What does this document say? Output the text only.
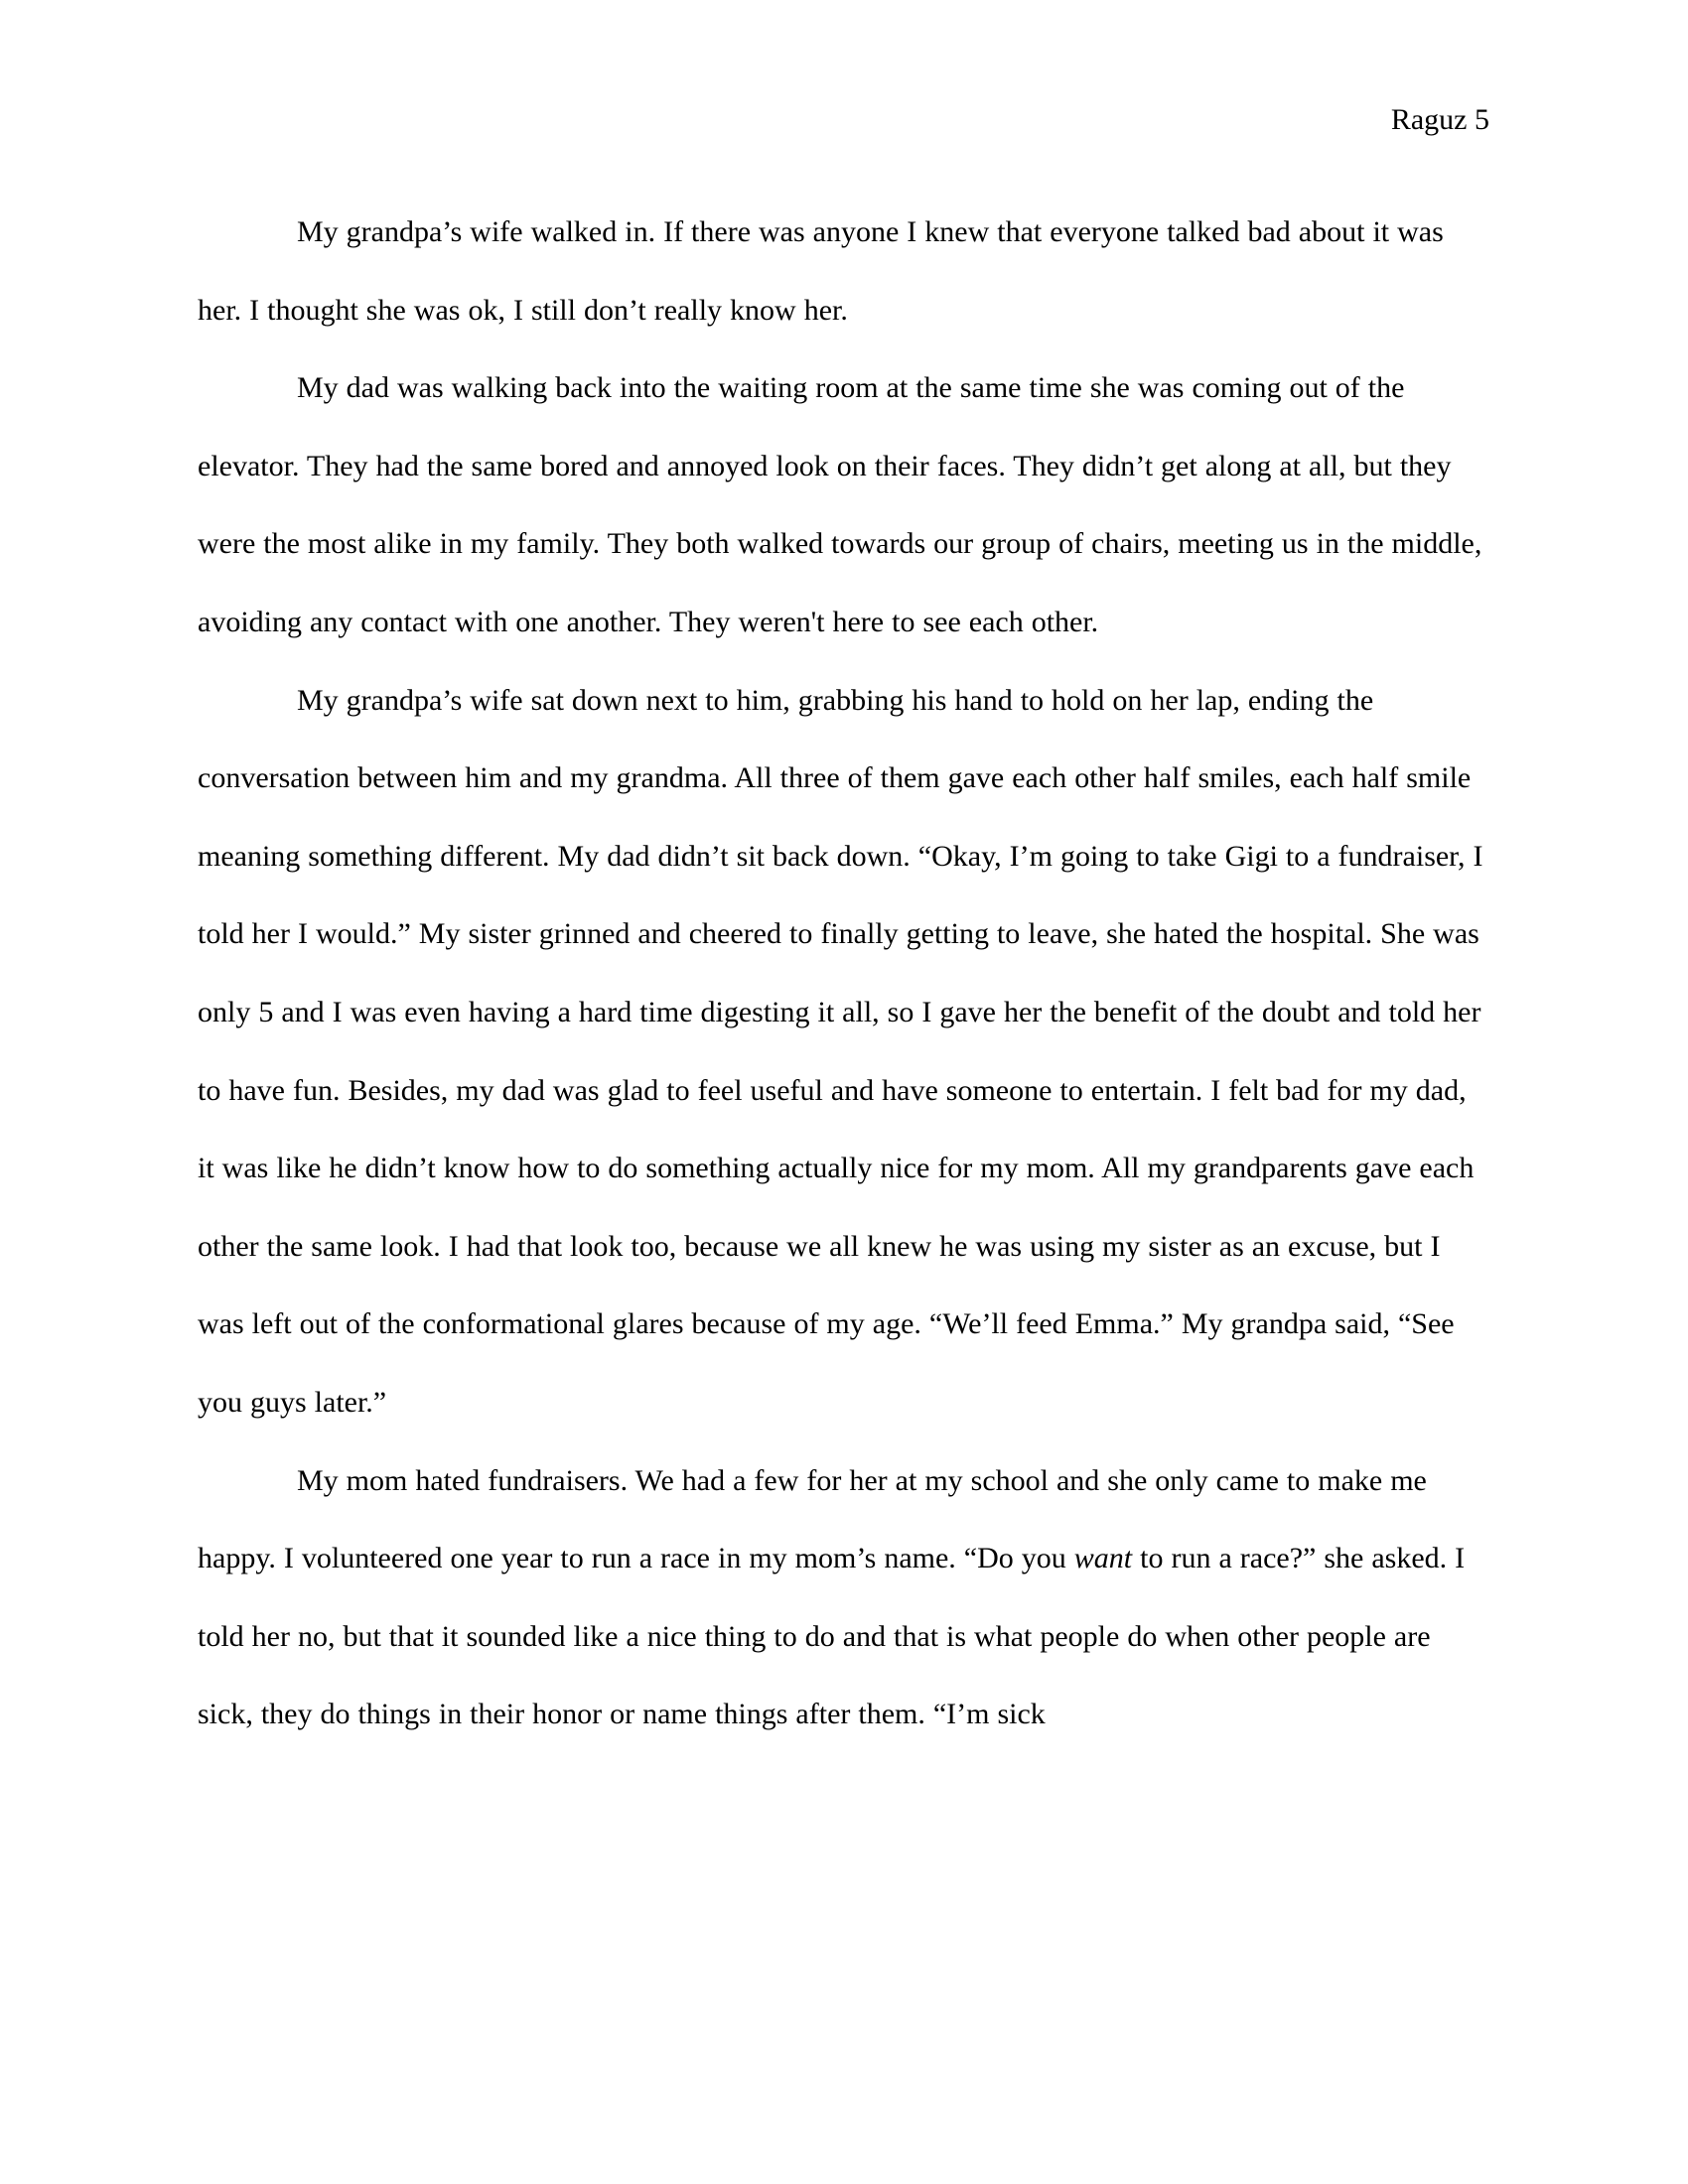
Raguz 5

My grandpa’s wife walked in. If there was anyone I knew that everyone talked bad about it was her. I thought she was ok, I still don’t really know her.

My dad was walking back into the waiting room at the same time she was coming out of the elevator. They had the same bored and annoyed look on their faces. They didn’t get along at all, but they were the most alike in my family. They both walked towards our group of chairs, meeting us in the middle, avoiding any contact with one another. They weren't here to see each other.

My grandpa’s wife sat down next to him, grabbing his hand to hold on her lap, ending the conversation between him and my grandma. All three of them gave each other half smiles, each half smile meaning something different. My dad didn’t sit back down. “Okay, I’m going to take Gigi to a fundraiser, I told her I would.” My sister grinned and cheered to finally getting to leave, she hated the hospital. She was only 5 and I was even having a hard time digesting it all, so I gave her the benefit of the doubt and told her to have fun. Besides, my dad was glad to feel useful and have someone to entertain. I felt bad for my dad, it was like he didn’t know how to do something actually nice for my mom. All my grandparents gave each other the same look. I had that look too, because we all knew he was using my sister as an excuse, but I was left out of the conformational glares because of my age. “We’ll feed Emma.” My grandpa said, “See you guys later.”

My mom hated fundraisers. We had a few for her at my school and she only came to make me happy. I volunteered one year to run a race in my mom’s name. “Do you want to run a race?” she asked. I told her no, but that it sounded like a nice thing to do and that is what people do when other people are sick, they do things in their honor or name things after them. “I’m sick
